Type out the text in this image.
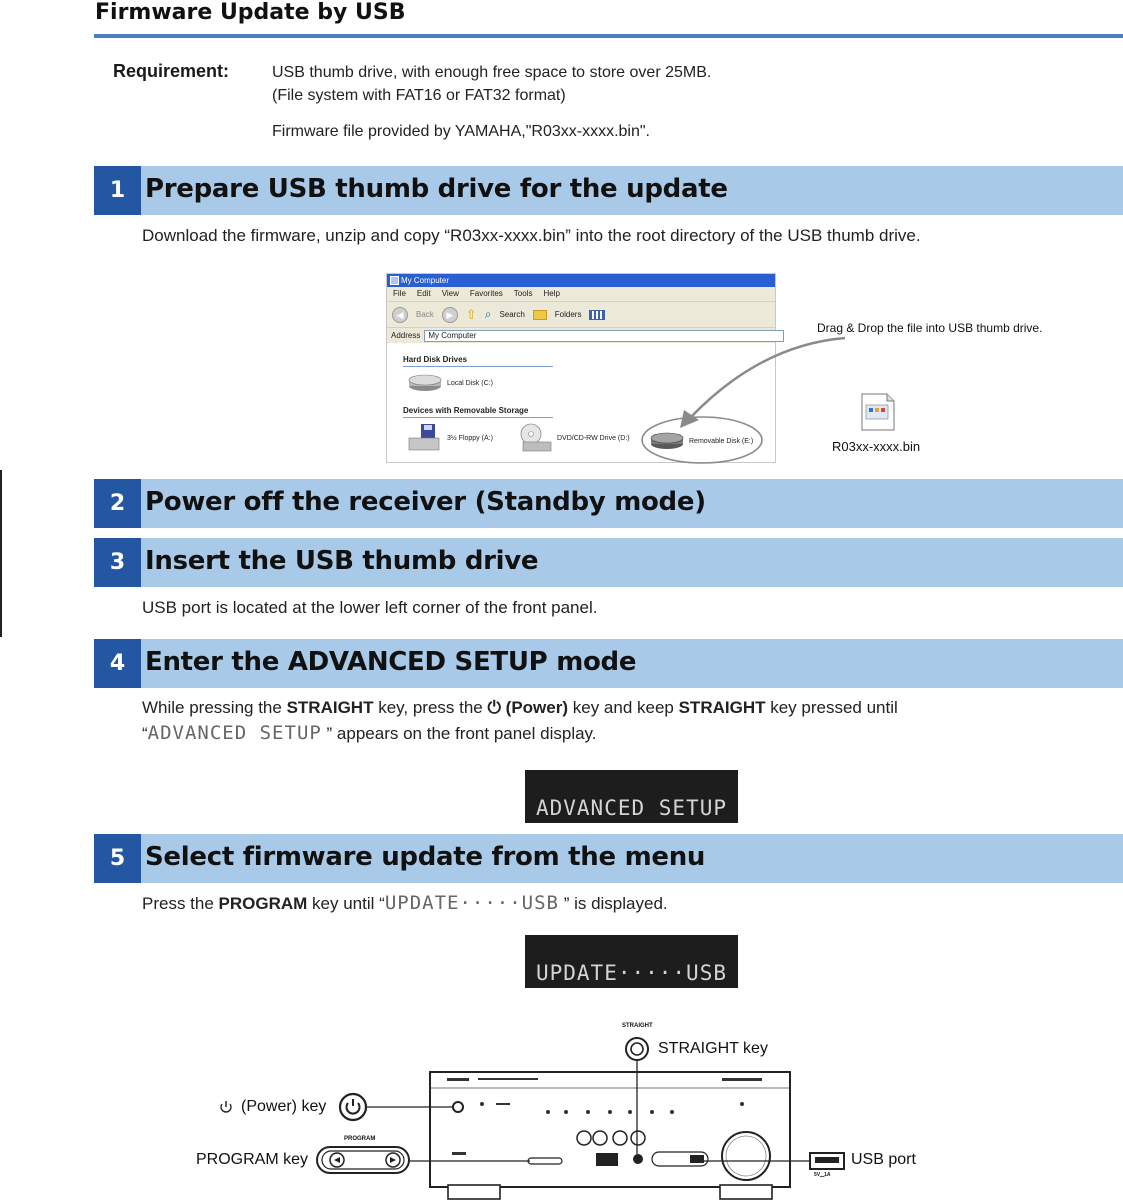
Firmware Update by USB
Requirement:	USB thumb drive, with enough free space to store over 25MB.
(File system with FAT16 or FAT32 format)
Firmware file provided by YAMAHA,"R03xx-xxxx.bin".
1 Prepare USB thumb drive for the update
Download the firmware, unzip and copy “R03xx-xxxx.bin” into the root directory of the USB thumb drive.
My Computer
File Edit View Favorites Tools Help
◀	Back	▶ ⇧ ⌕ Search	Folders
Address	My Computer
Hard Disk Drives
Local Disk (C:)
Devices with Removable Storage
3½ Floppy (A:)	DVD/CD-RW Drive (D:)	Removable Disk (E:)
Drag & Drop the file into USB thumb drive.
R03xx-xxxx.bin
2 Power off the receiver (Standby mode)
3 Insert the USB thumb drive
USB port is located at the lower left corner of the front panel.
4 Enter the ADVANCED SETUP mode
While pressing the STRAIGHT key, press the ⏻ (Power) key and keep STRAIGHT key pressed until
“ADVANCED SETUP ” appears on the front panel display.
ADVANCED SETUP
5 Select firmware update from the menu
Press the PROGRAM key until “UPDATE·····USB ” is displayed.
UPDATE·····USB
STRAIGHT
STRAIGHT key
(Power) key
PROGRAM
PROGRAM key	USB port
5V⁔1A
